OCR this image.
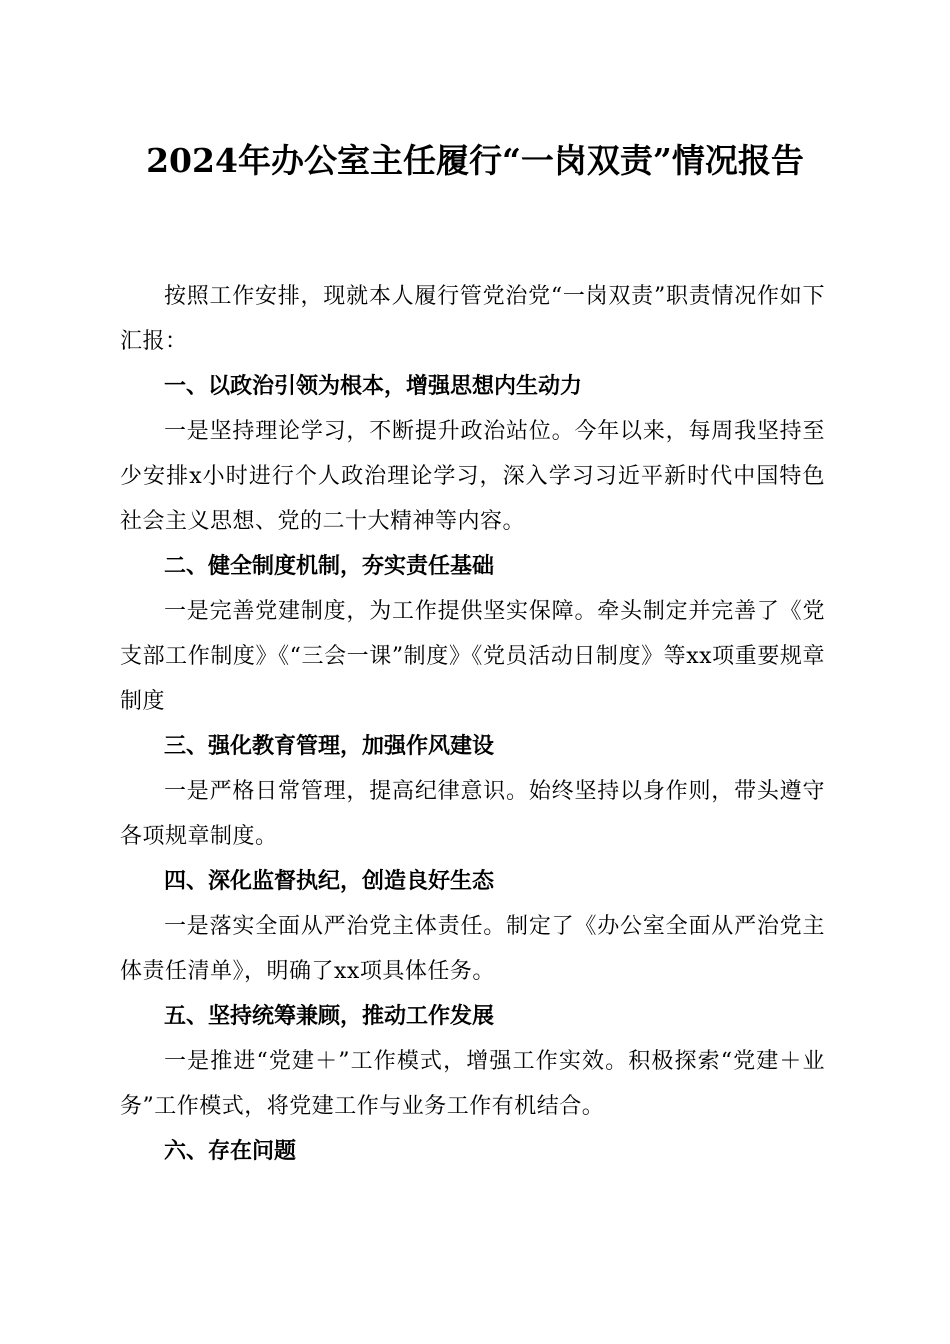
2024年办公室主任履行“一岗双责”情况报告

按照工作安排，现就本人履行管党治党“一岗双责”职责情况作如下汇报：

一、以政治引领为根本，增强思想内生动力

一是坚持理论学习，不断提升政治站位。今年以来，每周我坚持至少安排x小时进行个人政治理论学习，深入学习习近平新时代中国特色社会主义思想、党的二十大精神等内容。

二、健全制度机制，夯实责任基础

一是完善党建制度，为工作提供坚实保障。牵头制定并完善了《党支部工作制度》《“三会一课”制度》《党员活动日制度》等xx项重要规章制度

三、强化教育管理，加强作风建设

一是严格日常管理，提高纪律意识。始终坚持以身作则，带头遵守各项规章制度。

四、深化监督执纪，创造良好生态

一是落实全面从严治党主体责任。制定了《办公室全面从严治党主体责任清单》，明确了xx项具体任务。

五、坚持统筹兼顾，推动工作发展

一是推进“党建＋”工作模式，增强工作实效。积极探索“党建＋业务”工作模式，将党建工作与业务工作有机结合。

六、存在问题
